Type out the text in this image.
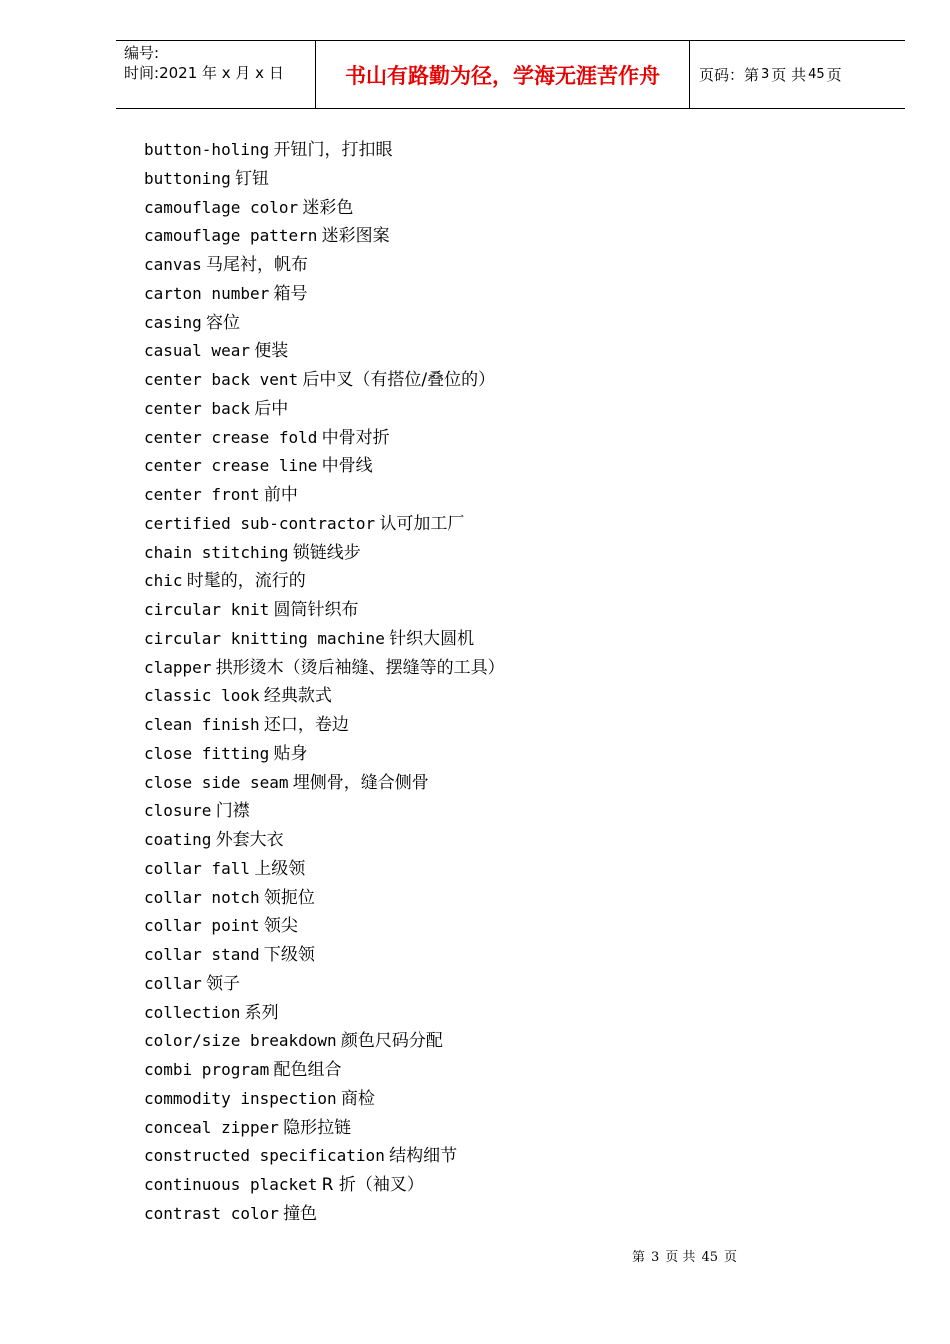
编号:
时间:2021 年 x 月 x 日	书山有路勤为径，学海无涯苦作舟	页码：第 3 页 共 45 页
button-holing 开钮门，打扣眼
buttoning 钉钮
camouflage color 迷彩色
camouflage pattern 迷彩图案
canvas 马尾衬，帆布
carton number 箱号
casing 容位
casual wear 便装
center back vent 后中叉（有搭位/叠位的）
center back 后中
center crease fold 中骨对折
center crease line 中骨线
center front 前中
certified sub-contractor 认可加工厂
chain stitching 锁链线步
chic 时髦的，流行的
circular knit 圆筒针织布
circular knitting machine 针织大圆机
clapper 拱形烫木（烫后袖缝、摆缝等的工具）
classic look 经典款式
clean finish 还口，卷边
close fitting 贴身
close side seam 埋侧骨，缝合侧骨
closure 门襟
coating 外套大衣
collar fall 上级领
collar notch 领扼位
collar point 领尖
collar stand 下级领
collar 领子
collection 系列
color/size breakdown 颜色尺码分配
combi program 配色组合
commodity inspection 商检
conceal zipper 隐形拉链
constructed specification 结构细节
continuous placket R 折（袖叉）
contrast color 撞色
第 3 页 共 45 页
